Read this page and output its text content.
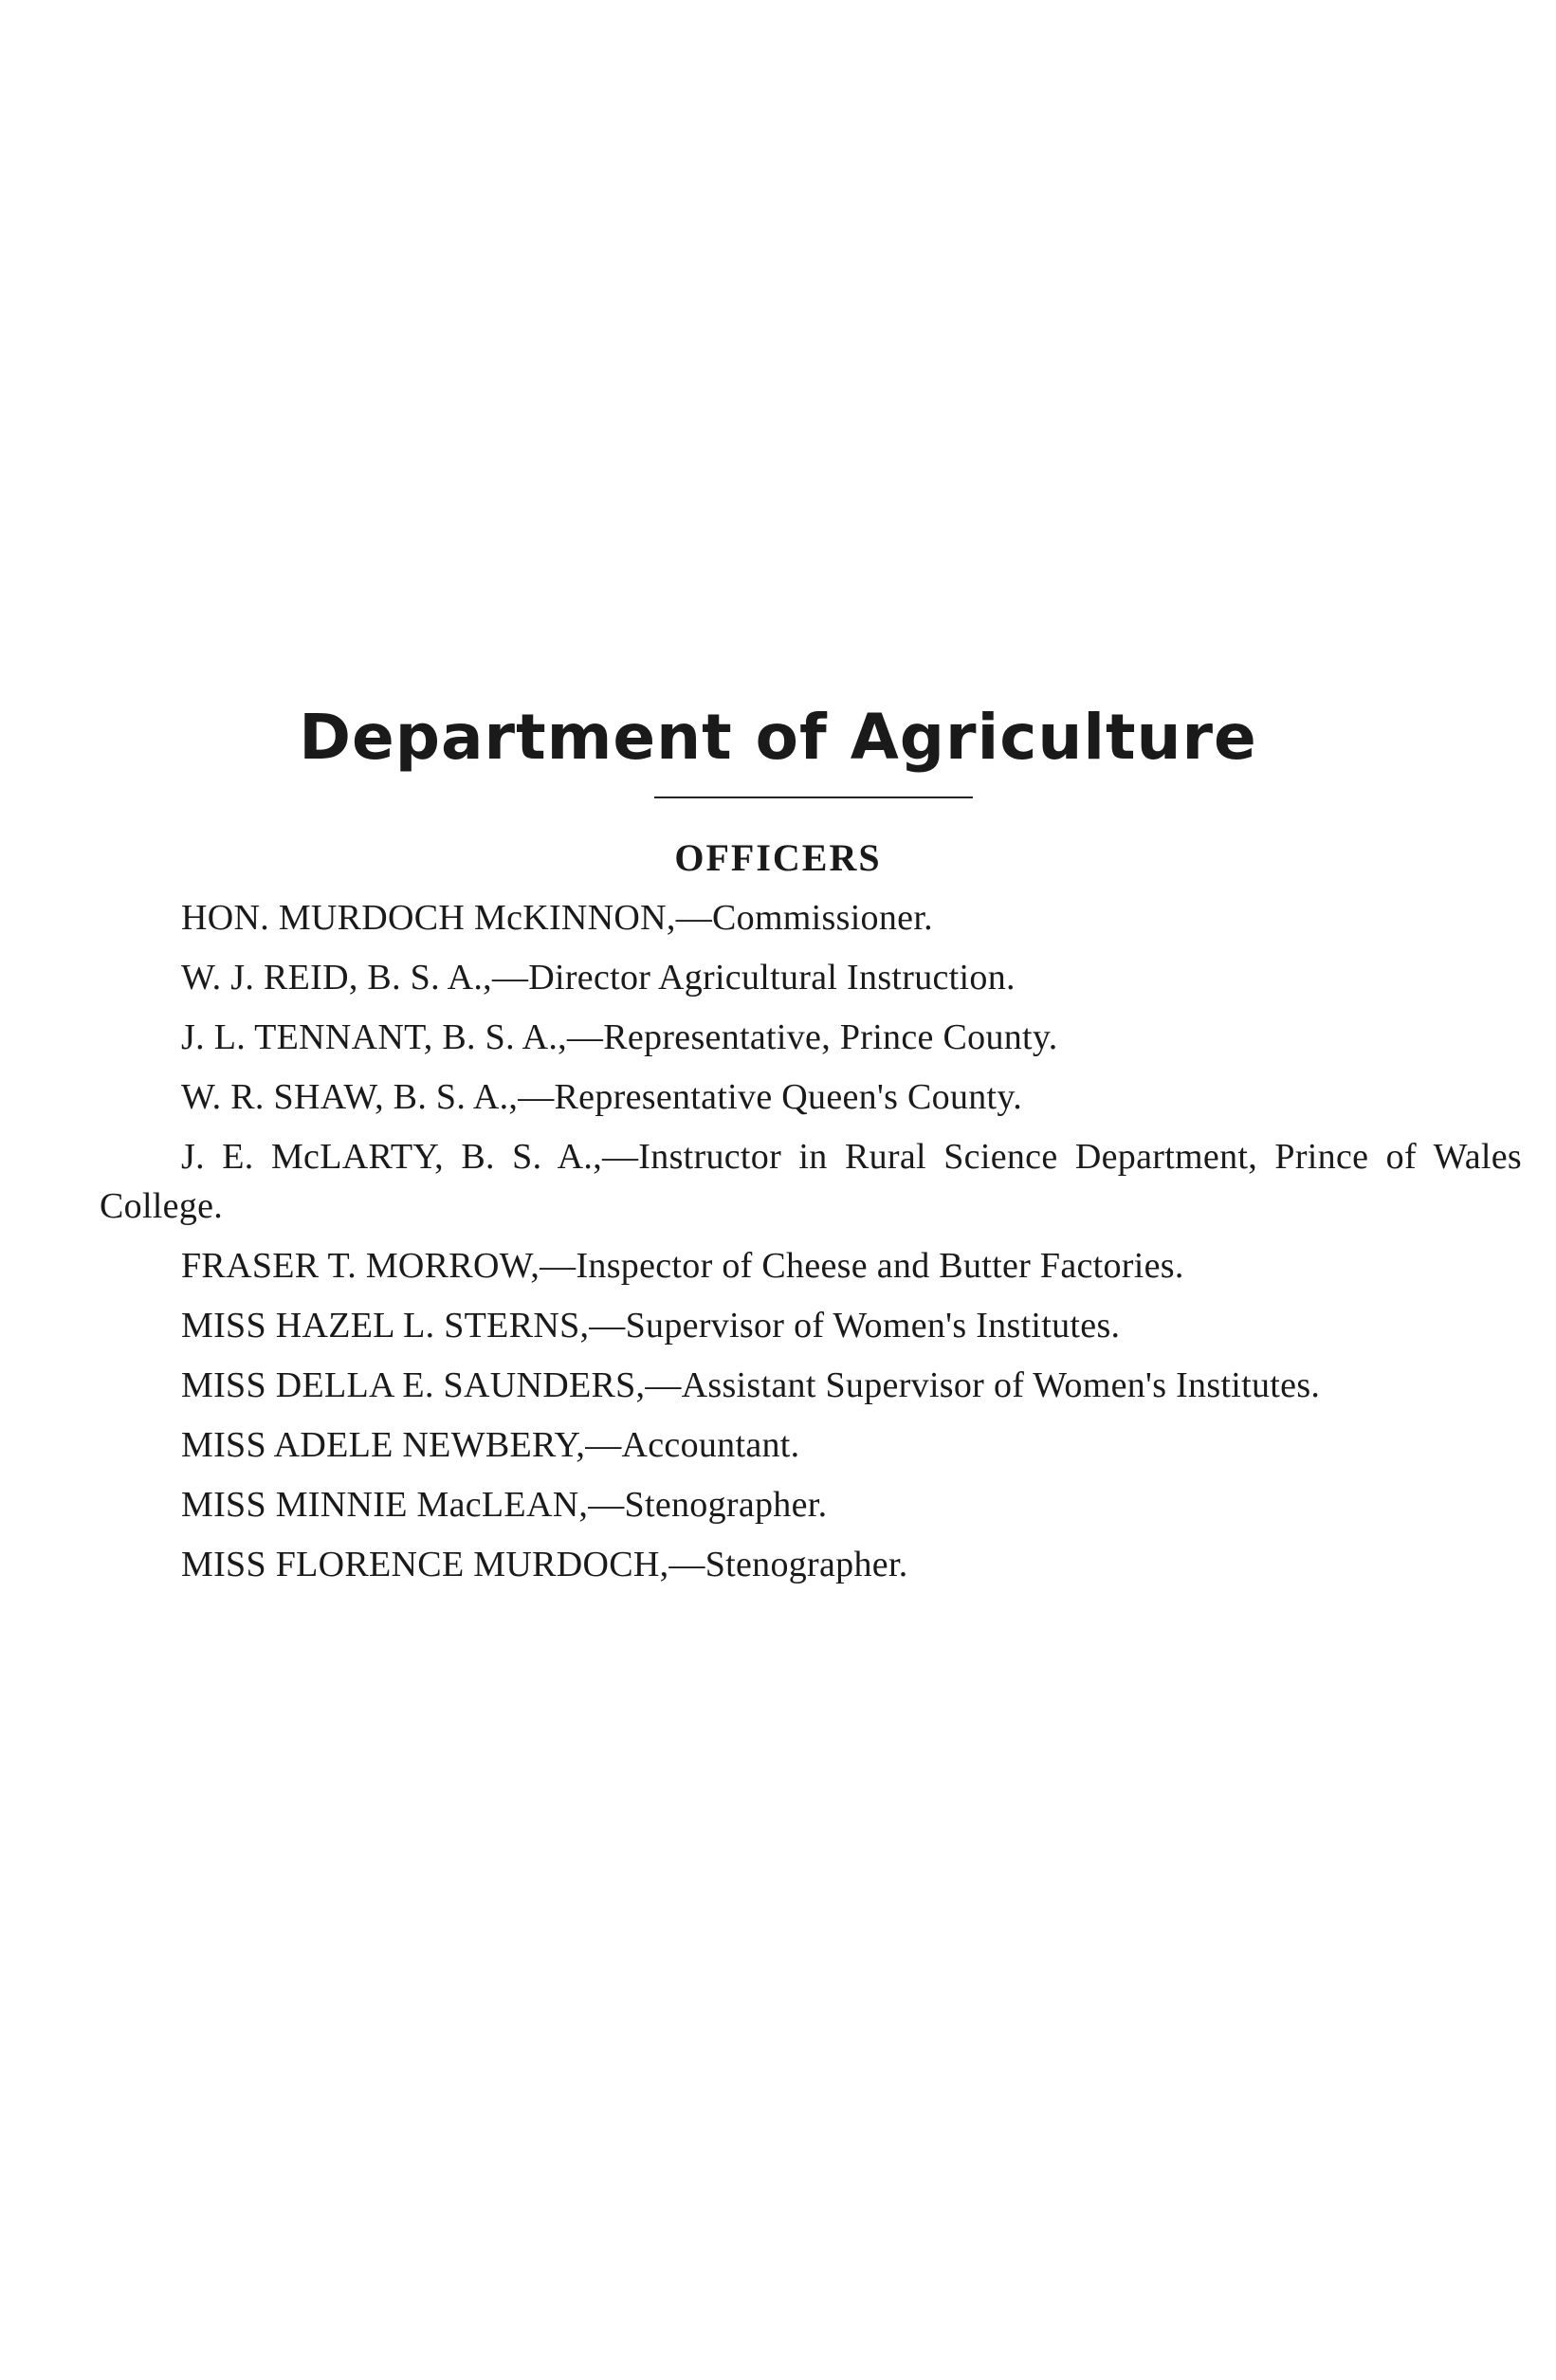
Department of Agriculture
OFFICERS
HON. MURDOCH McKINNON,—Commissioner.
W. J. REID, B. S. A.,—Director Agricultural Instruction.
J. L. TENNANT, B. S. A.,—Representative, Prince County.
W. R. SHAW, B. S. A.,—Representative Queen's County.
J. E. McLARTY, B. S. A.,—Instructor in Rural Science Department, Prince of Wales College.
FRASER T. MORROW,—Inspector of Cheese and Butter Factories.
MISS HAZEL L. STERNS,—Supervisor of Women's Institutes.
MISS DELLA E. SAUNDERS,—Assistant Supervisor of Women's Institutes.
MISS ADELE NEWBERY,—Accountant.
MISS MINNIE MacLEAN,—Stenographer.
MISS FLORENCE MURDOCH,—Stenographer.
